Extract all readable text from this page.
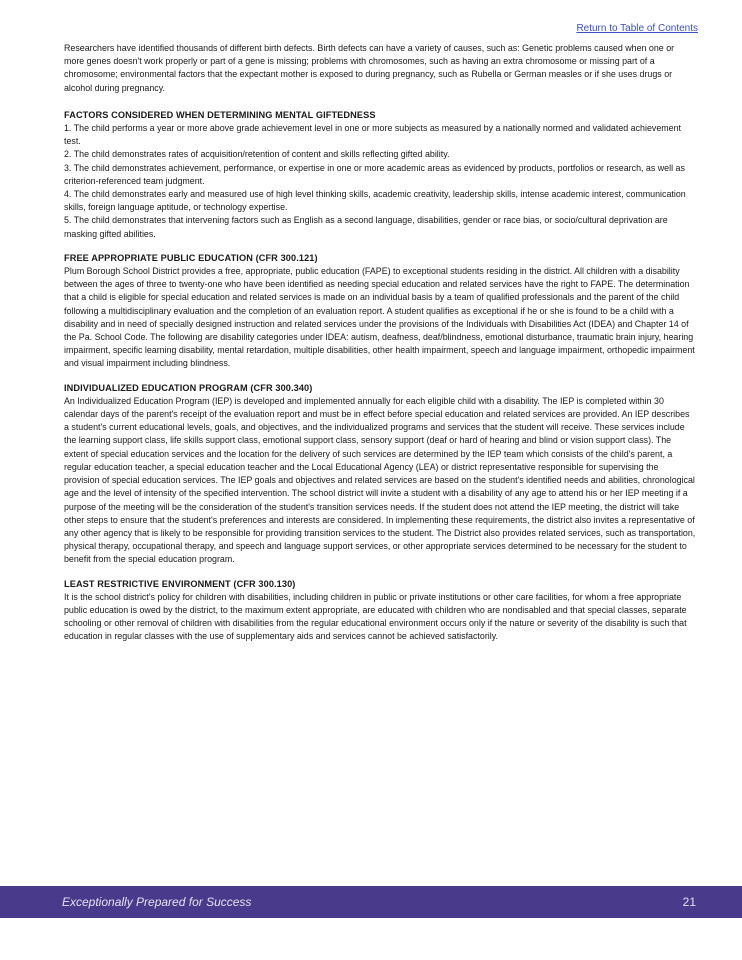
Return to Table of Contents

Researchers have identified thousands of different birth defects. Birth defects can have a variety of causes, such as: Genetic problems caused when one or more genes doesn't work properly or part of a gene is missing; problems with chromosomes, such as having an extra chromosome or missing part of a chromosome; environmental factors that the expectant mother is exposed to during pregnancy, such as Rubella or German measles or if she uses drugs or alcohol during pregnancy.

FACTORS CONSIDERED WHEN DETERMINING MENTAL GIFTEDNESS

1. The child performs a year or more above grade achievement level in one or more subjects as measured by a nationally normed and validated achievement test.

2. The child demonstrates rates of acquisition/retention of content and skills reflecting gifted ability.

3. The child demonstrates achievement, performance, or expertise in one or more academic areas as evidenced by products, portfolios or research, as well as criterion-referenced team judgment.

4. The child demonstrates early and measured use of high level thinking skills, academic creativity, leadership skills, intense academic interest, communication skills, foreign language aptitude, or technology expertise.

5. The child demonstrates that intervening factors such as English as a second language, disabilities, gender or race bias, or socio/cultural deprivation are masking gifted abilities.

FREE APPROPRIATE PUBLIC EDUCATION (CFR 300.121)

Plum Borough School District provides a free, appropriate, public education (FAPE) to exceptional students residing in the district. All children with a disability between the ages of three to twenty-one who have been identified as needing special education and related services have the right to FAPE. The determination that a child is eligible for special education and related services is made on an individual basis by a team of qualified professionals and the parent of the child following a multidisciplinary evaluation and the completion of an evaluation report. A student qualifies as exceptional if he or she is found to be a child with a disability and in need of specially designed instruction and related services under the provisions of the Individuals with Disabilities Act (IDEA) and Chapter 14 of the Pa. School Code. The following are disability categories under IDEA: autism, deafness, deaf/blindness, emotional disturbance, traumatic brain injury, hearing impairment, specific learning disability, mental retardation, multiple disabilities, other health impairment, speech and language impairment, orthopedic impairment and visual impairment including blindness.

INDIVIDUALIZED EDUCATION PROGRAM (CFR 300.340)

An Individualized Education Program (IEP) is developed and implemented annually for each eligible child with a disability. The IEP is completed within 30 calendar days of the parent's receipt of the evaluation report and must be in effect before special education and related services are provided. An IEP describes a student's current educational levels, goals, and objectives, and the individualized programs and services that the student will receive. These services include the learning support class, life skills support class, emotional support class, sensory support (deaf or hard of hearing and blind or vision support class). The extent of special education services and the location for the delivery of such services are determined by the IEP team which consists of the child's parent, a regular education teacher, a special education teacher and the Local Educational Agency (LEA) or district representative responsible for supervising the provision of special education services. The IEP goals and objectives and related services are based on the student's identified needs and abilities, chronological age and the level of intensity of the specified intervention. The school district will invite a student with a disability of any age to attend his or her IEP meeting if a purpose of the meeting will be the consideration of the student's transition services needs. If the student does not attend the IEP meeting, the district will take other steps to ensure that the student's preferences and interests are considered. In implementing these requirements, the district also invites a representative of any other agency that is likely to be responsible for providing transition services to the student. The District also provides related services, such as transportation, physical therapy, occupational therapy, and speech and language support services, or other appropriate services determined to be necessary for the student to benefit from the special education program.

LEAST RESTRICTIVE ENVIRONMENT (CFR 300.130)

It is the school district's policy for children with disabilities, including children in public or private institutions or other care facilities, for whom a free appropriate public education is owed by the district, to the maximum extent appropriate, are educated with children who are nondisabled and that special classes, separate schooling or other removal of children with disabilities from the regular educational environment occurs only if the nature or severity of the disability is such that education in regular classes with the use of supplementary aids and services cannot be achieved satisfactorily.

Exceptionally Prepared for Success	21
